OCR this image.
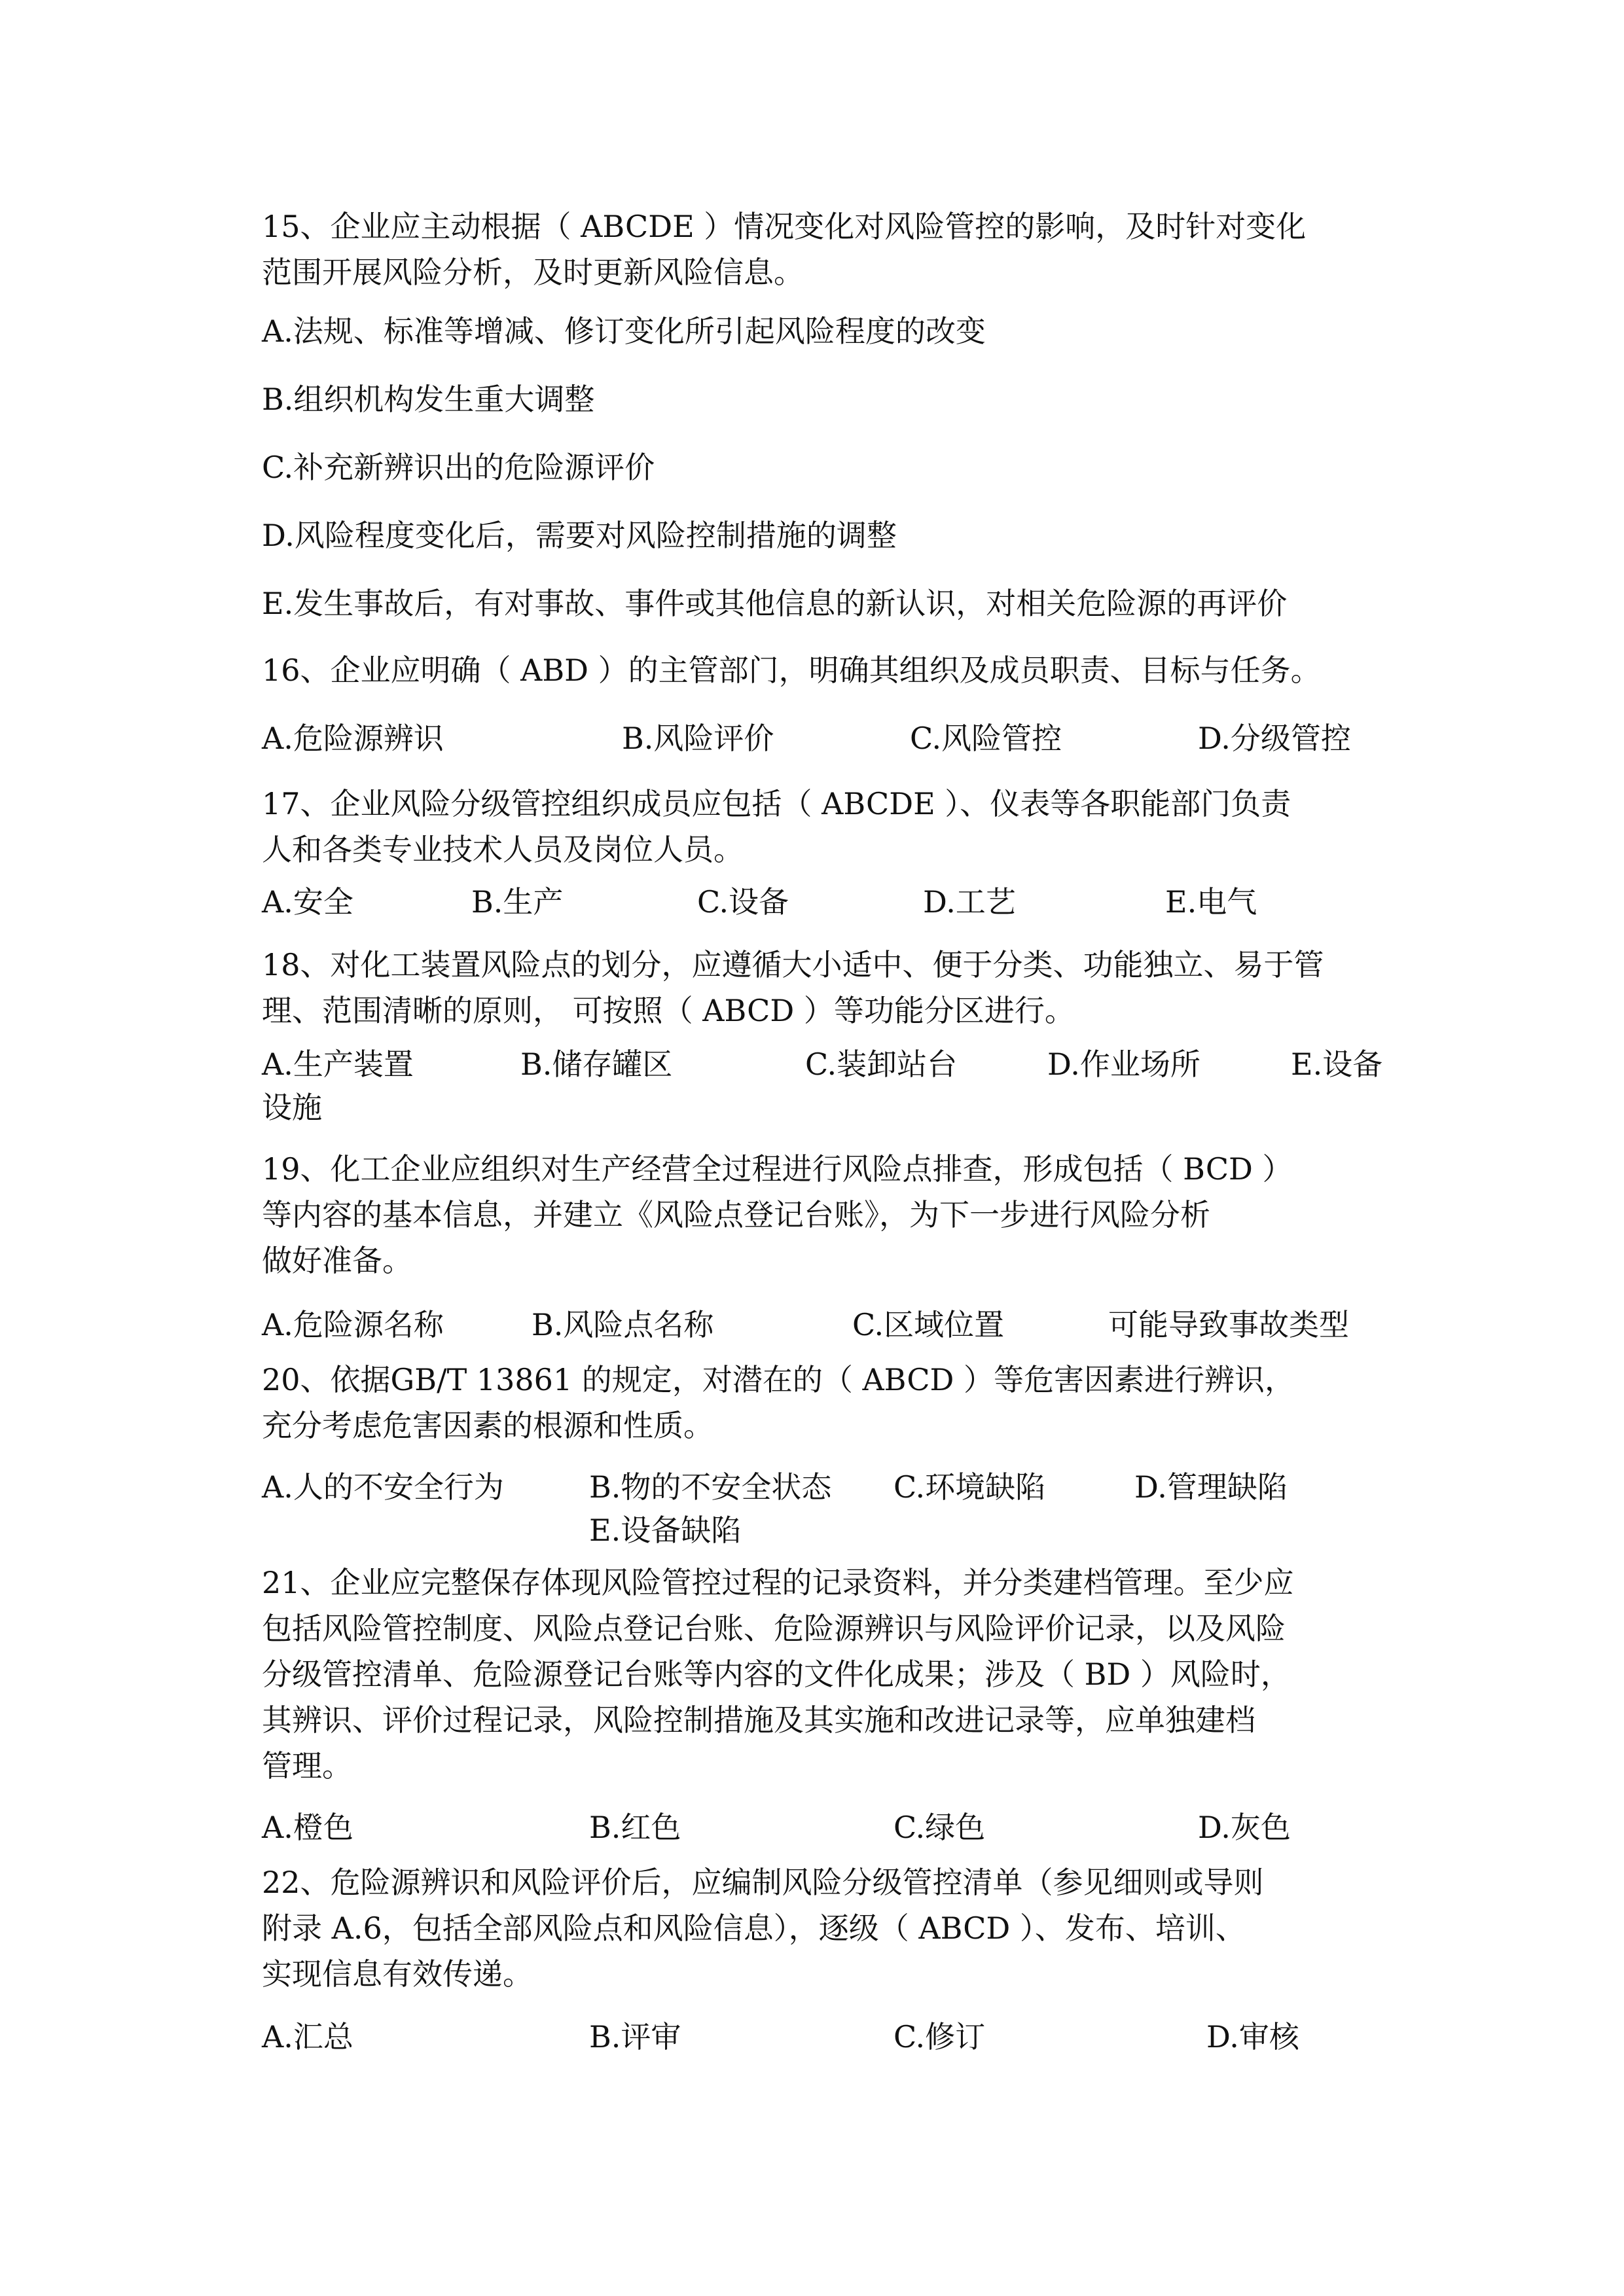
15、企业应主动根据（ ABCDE ）情况变化对风险管控的影响，及时针对变化

范围开展风险分析，及时更新风险信息。

A.法规、标准等增减、修订变化所引起风险程度的改变

B.组织机构发生重大调整

C.补充新辨识出的危险源评价

D.风险程度变化后，需要对风险控制措施的调整

E.发生事故后，有对事故、事件或其他信息的新认识，对相关危险源的再评价

16、企业应明确（ ABD ）的主管部门，明确其组织及成员职责、目标与任务。

A.危险源辨识	B.风险评价	C.风险管控	D.分级管控

17、企业风险分级管控组织成员应包括（ ABCDE ）、仪表等各职能部门负责

人和各类专业技术人员及岗位人员。

A.安全	B.生产	C.设备	D.工艺	E.电气

18、对化工装置风险点的划分，应遵循大小适中、便于分类、功能独立、易于管

理、范围清晰的原则， 可按照（ ABCD ）等功能分区进行。

A.生产装置	B.储存罐区	C.装卸站台	D.作业场所	E.设备
设施

19、化工企业应组织对生产经营全过程进行风险点排查，形成包括（ BCD ）

等内容的基本信息，并建立《风险点登记台账》，为下一步进行风险分析

做好准备。

A.危险源名称	B.风险点名称	C.区域位置	可能导致事故类型

20、依据GB/T 13861 的规定，对潜在的（ ABCD ）等危害因素进行辨识，

充分考虑危害因素的根源和性质。

A.人的不安全行为	B.物的不安全状态 C.环境缺陷	D.管理缺陷
E.设备缺陷

21、企业应完整保存体现风险管控过程的记录资料，并分类建档管理。至少应

包括风险管控制度、风险点登记台账、危险源辨识与风险评价记录，以及风险

分级管控清单、危险源登记台账等内容的文件化成果；涉及（ BD ）风险时，

其辨识、评价过程记录，风险控制措施及其实施和改进记录等，应单独建档

管理。

A.橙色	B.红色	C.绿色	D.灰色

22、危险源辨识和风险评价后，应编制风险分级管控清单（参见细则或导则

附录 A.6，包括全部风险点和风险信息），逐级（ ABCD ）、发布、培训、

实现信息有效传递。

A.汇总	B.评审	C.修订	D.审核
